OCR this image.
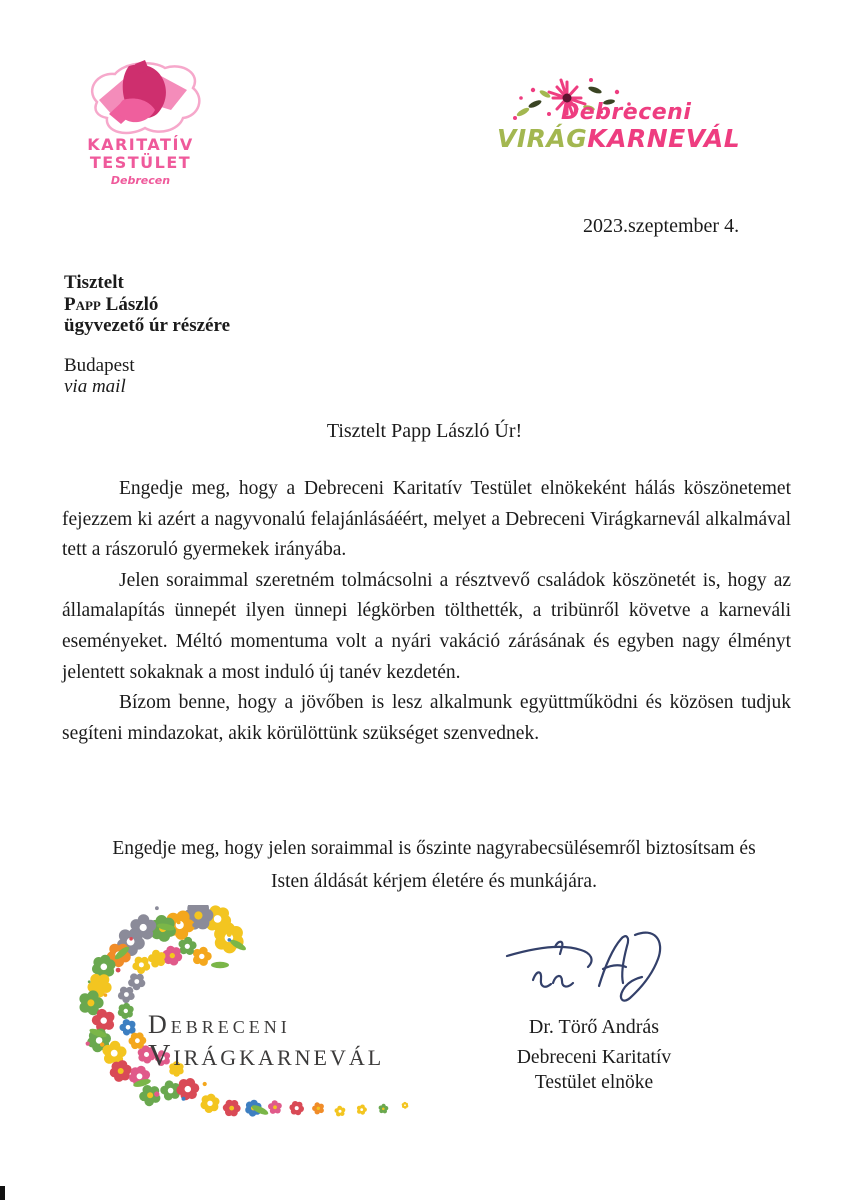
KARITATÍV
TESTÜLET
Debrecen
Debreceni
VIRÁGKARNEVÁL
2023.szeptember 4.
Tisztelt
Papp László
ügyvezető úr részére
Budapest
via mail
Tisztelt Papp László Úr!

Engedje meg, hogy a Debreceni Karitatív Testület elnökeként hálás köszönetemet fejezzem ki azért a nagyvonalú felajánlásáéért, melyet a Debreceni Virágkarnevál alkalmával tett a rászoruló gyermekek irányába.

Jelen soraimmal szeretném tolmácsolni a résztvevő családok köszönetét is, hogy az államalapítás ünnepét ilyen ünnepi légkörben tölthették, a tribünről követve a karneváli eseményeket. Méltó momentuma volt a nyári vakáció zárásának és egyben nagy élményt jelentett sokaknak a most induló új tanév kezdetén.

Bízom benne, hogy a jövőben is lesz alkalmunk együttműködni és közösen tudjuk segíteni mindazokat, akik körülöttünk szükséget szenvednek.

Engedje meg, hogy jelen soraimmal is őszinte nagyrabecsülésemről biztosítsam és
Isten áldását kérjem életére és munkájára.
Debreceni
Virágkarnevál
Dr. Törő András
Debreceni Karitatív
Testület elnöke
